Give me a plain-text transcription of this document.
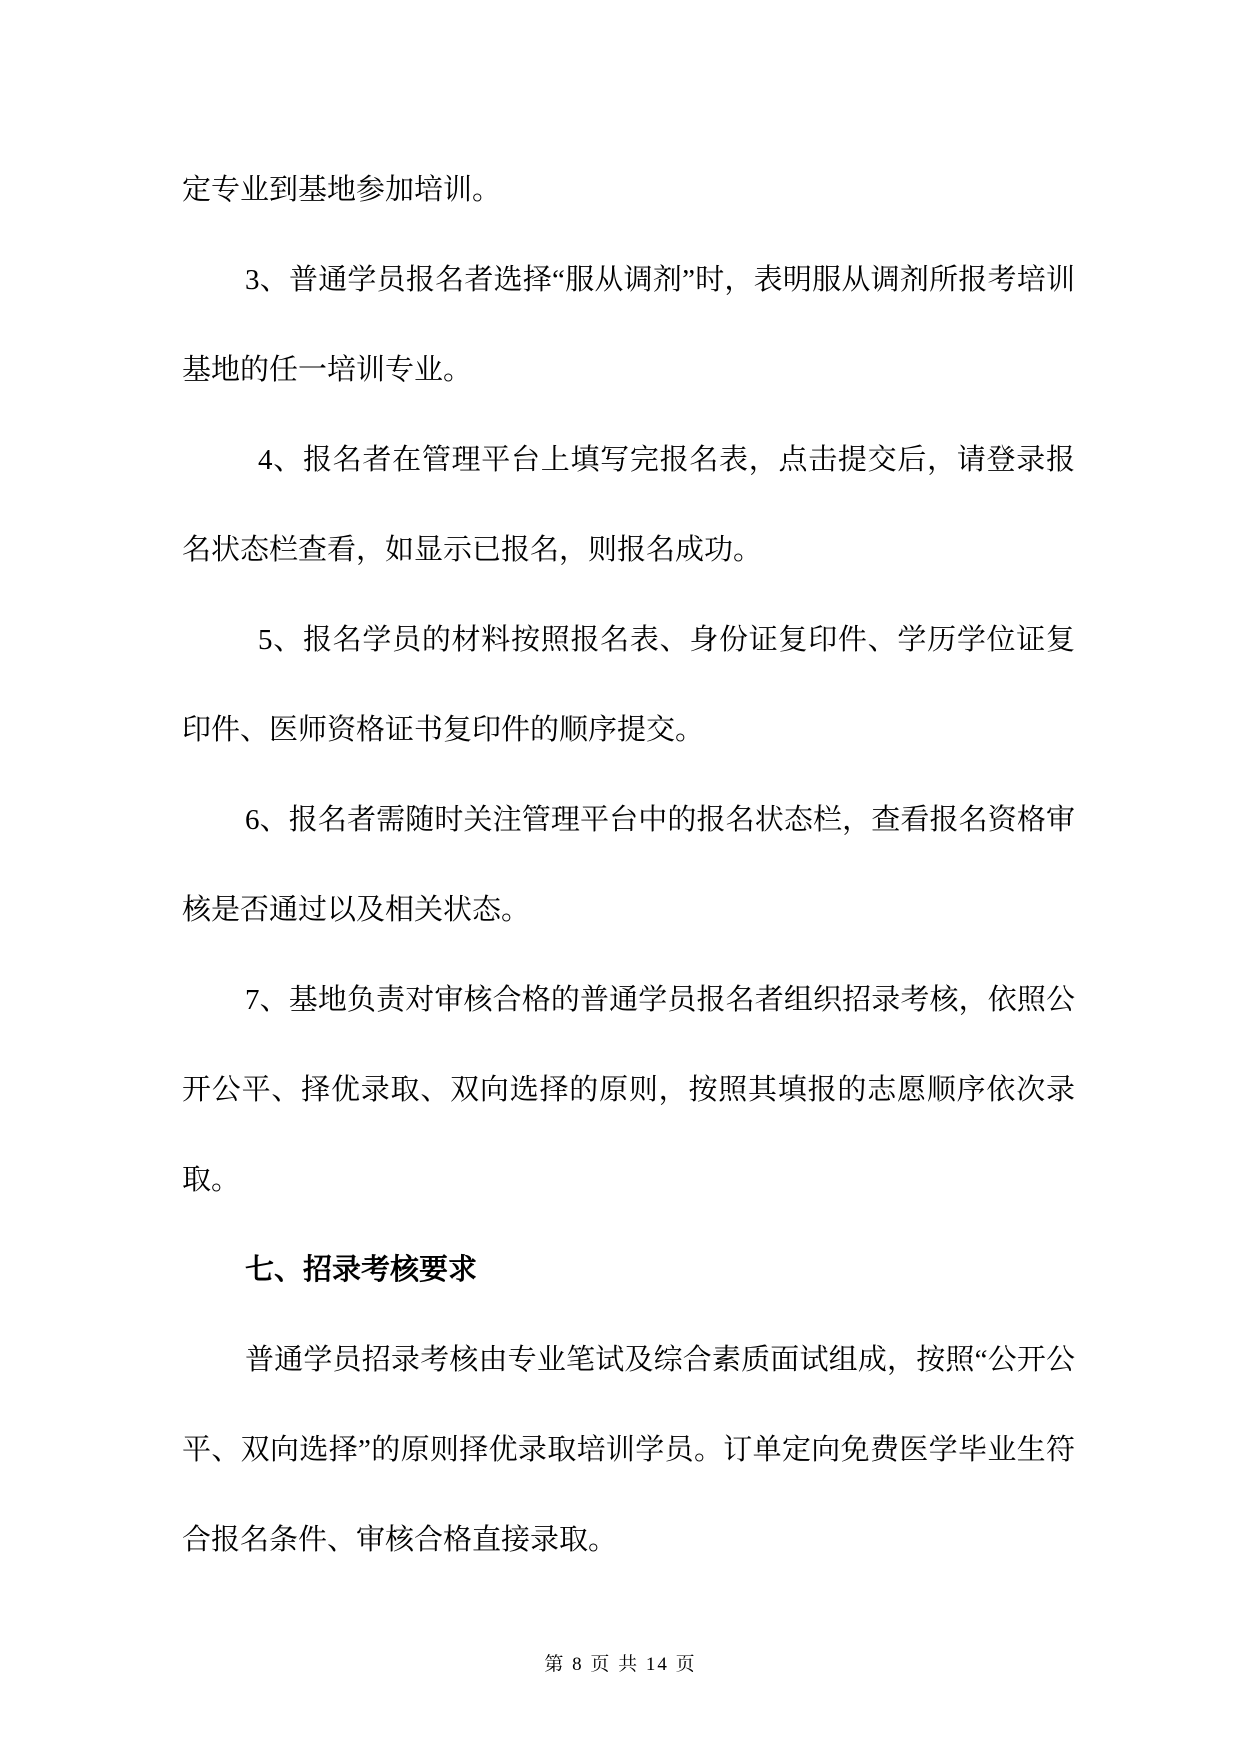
定专业到基地参加培训。

3、普通学员报名者选择“服从调剂”时，表明服从调剂所报考培训基地的任一培训专业。

4、报名者在管理平台上填写完报名表，点击提交后，请登录报名状态栏查看，如显示已报名，则报名成功。

5、报名学员的材料按照报名表、身份证复印件、学历学位证复印件、医师资格证书复印件的顺序提交。

6、报名者需随时关注管理平台中的报名状态栏，查看报名资格审核是否通过以及相关状态。

7、基地负责对审核合格的普通学员报名者组织招录考核，依照公开公平、择优录取、双向选择的原则，按照其填报的志愿顺序依次录取。

七、招录考核要求

普通学员招录考核由专业笔试及综合素质面试组成，按照“公开公平、双向选择”的原则择优录取培训学员。订单定向免费医学毕业生符合报名条件、审核合格直接录取。

第 8 页 共 14 页
